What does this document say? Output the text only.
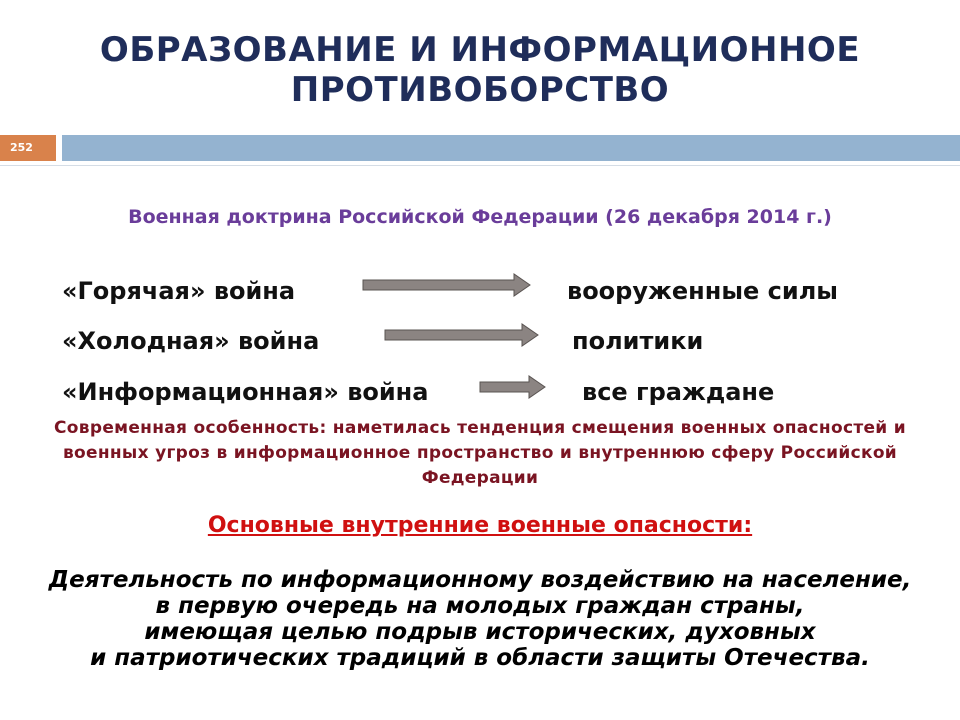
ОБРАЗОВАНИЕ И ИНФОРМАЦИОННОЕ
ПРОТИВОБОРСТВО
252
Военная доктрина Российской Федерации (26 декабря 2014 г.)
«Горячая» война	вооруженные силы
«Холодная» война	политики
«Информационная» война	все граждане
Современная особенность: наметилась тенденция смещения военных опасностей и военных угроз в информационное пространство и внутреннюю сферу Российской Федерации
Основные внутренние военные опасности:
Деятельность по информационному воздействию на население,
в первую очередь на молодых граждан страны,
имеющая целью подрыв исторических, духовных
и патриотических традиций в области защиты Отечества.
